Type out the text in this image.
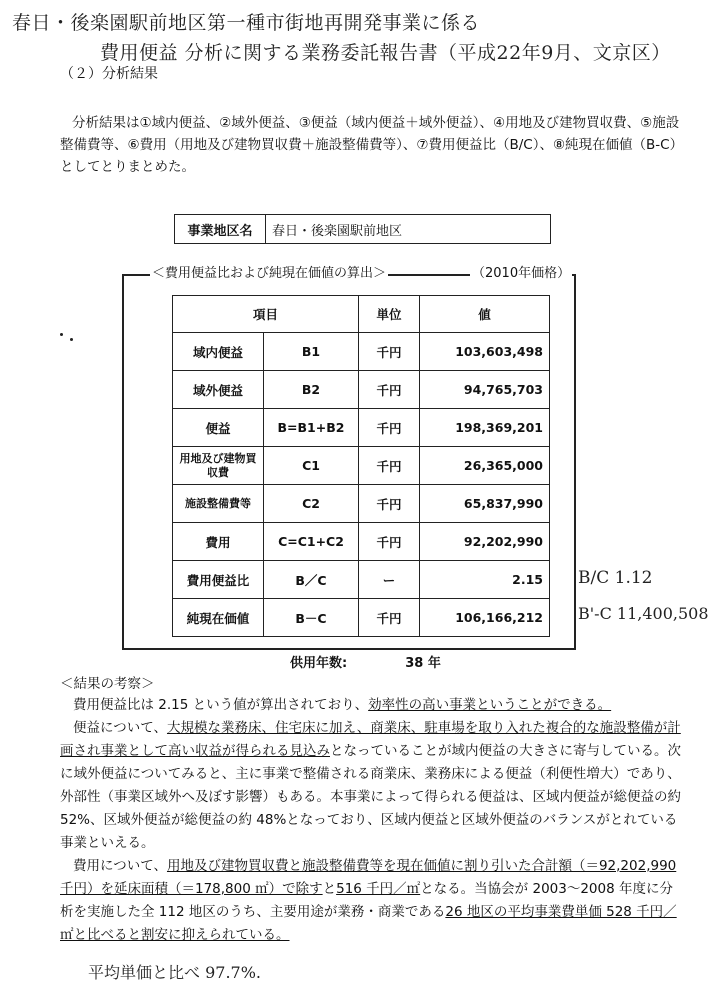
春日・後楽園駅前地区第一種市街地再開発事業に係る
費用便益 分析に関する業務委託報告書（平成22年9月、文京区）
（２）分析結果
分析結果は①域内便益、②域外便益、③便益（域内便益＋域外便益）、④用地及び建物買収費、⑤施設整備費等、⑥費用（用地及び建物買収費＋施設整備費等）、⑦費用便益比（B/C）、⑧純現在価値（B-C）としてとりまとめた。
事業地区名	春日・後楽園駅前地区
＜費用便益比および純現在価値の算出＞	（2010年価格）
項目		単位	値
域内便益	B1	千円	103,603,498
域外便益	B2	千円	94,765,703
便益	B=B1+B2	千円	198,369,201
用地及び建物買収費	C1	千円	26,365,000
施設整備費等	C2	千円	65,837,990
費用	C=C1+C2	千円	92,202,990
費用便益比	B／C	ー	2.15
純現在価値	B－C	千円	106,166,212
B/C 1.12
B'-C 11,400,508
供用年数:	38 年
＜結果の考察＞

費用便益比は 2.15 という値が算出されており、効率性の高い事業ということができる。

便益について、大規模な業務床、住宅床に加え、商業床、駐車場を取り入れた複合的な施設整備が計画され事業として高い収益が得られる見込みとなっていることが域内便益の大きさに寄与している。次に域外便益についてみると、主に事業で整備される商業床、業務床による便益（利便性増大）であり、外部性（事業区域外へ及ぼす影響）もある。本事業によって得られる便益は、区域内便益が総便益の約 52%、区域外便益が総便益の約 48%となっており、区域内便益と区域外便益のバランスがとれている事業といえる。

費用について、用地及び建物買収費と施設整備費等を現在価値に割り引いた合計額（＝92,202,990 千円）を延床面積（＝178,800 ㎡）で除すと516 千円／㎡となる。当協会が 2003～2008 年度に分析を実施した全 112 地区のうち、主要用途が業務・商業である26 地区の平均事業費単価 528 千円／㎡と比べると割安に抑えられている。

平均単価と比べ 97.7%.
